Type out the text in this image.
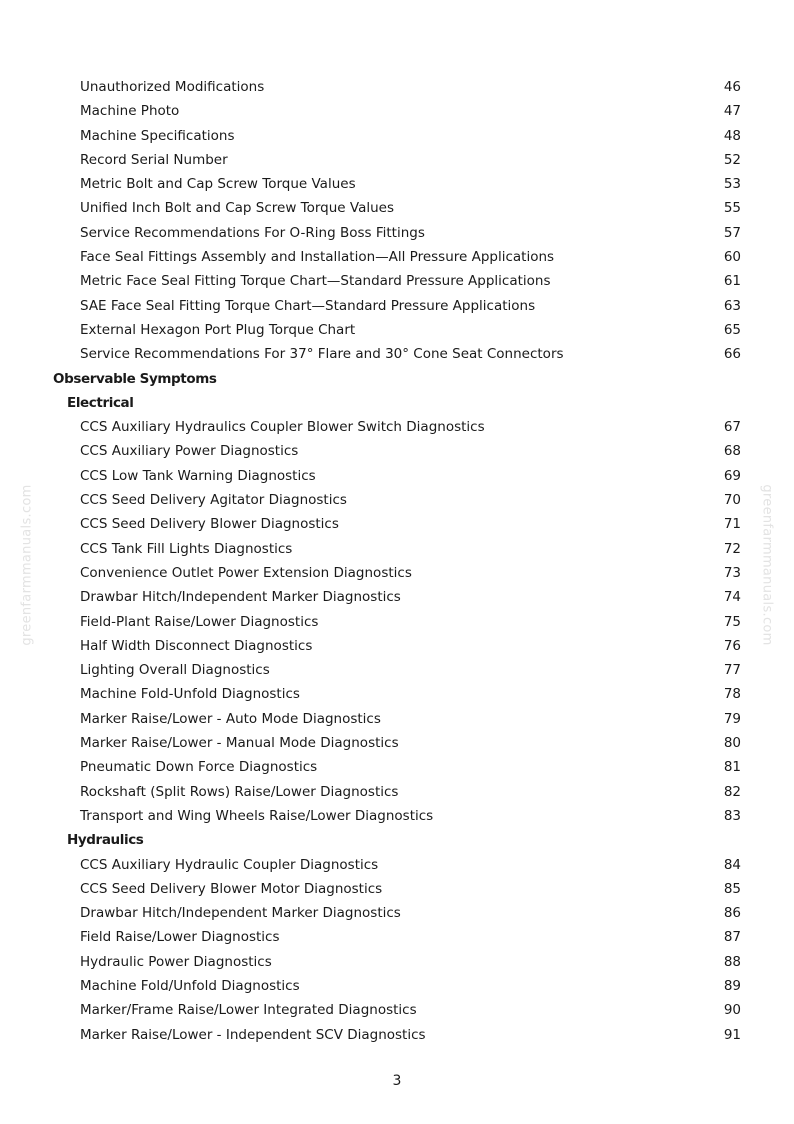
Unauthorized Modifications	46
Machine Photo	47
Machine Specifications	48
Record Serial Number	52
Metric Bolt and Cap Screw Torque Values	53
Unified Inch Bolt and Cap Screw Torque Values	55
Service Recommendations For O-Ring Boss Fittings	57
Face Seal Fittings Assembly and Installation—All Pressure Applications	60
Metric Face Seal Fitting Torque Chart—Standard Pressure Applications	61
SAE Face Seal Fitting Torque Chart—Standard Pressure Applications	63
External Hexagon Port Plug Torque Chart	65
Service Recommendations For 37° Flare and 30° Cone Seat Connectors	66
Observable Symptoms
Electrical
CCS Auxiliary Hydraulics Coupler Blower Switch Diagnostics	67
CCS Auxiliary Power Diagnostics	68
CCS Low Tank Warning Diagnostics	69
CCS Seed Delivery Agitator Diagnostics	70
CCS Seed Delivery Blower Diagnostics	71
CCS Tank Fill Lights Diagnostics	72
Convenience Outlet Power Extension Diagnostics	73
Drawbar Hitch/Independent Marker Diagnostics	74
Field-Plant Raise/Lower Diagnostics	75
Half Width Disconnect Diagnostics	76
Lighting Overall Diagnostics	77
Machine Fold-Unfold Diagnostics	78
Marker Raise/Lower - Auto Mode Diagnostics	79
Marker Raise/Lower - Manual Mode Diagnostics	80
Pneumatic Down Force Diagnostics	81
Rockshaft (Split Rows) Raise/Lower Diagnostics	82
Transport and Wing Wheels Raise/Lower Diagnostics	83
Hydraulics
CCS Auxiliary Hydraulic Coupler Diagnostics	84
CCS Seed Delivery Blower Motor Diagnostics	85
Drawbar Hitch/Independent Marker Diagnostics	86
Field Raise/Lower Diagnostics	87
Hydraulic Power Diagnostics	88
Machine Fold/Unfold Diagnostics	89
Marker/Frame Raise/Lower Integrated Diagnostics	90
Marker Raise/Lower - Independent SCV Diagnostics	91
greenfarmmanuals.com	greenfarmmanuals.com
3
